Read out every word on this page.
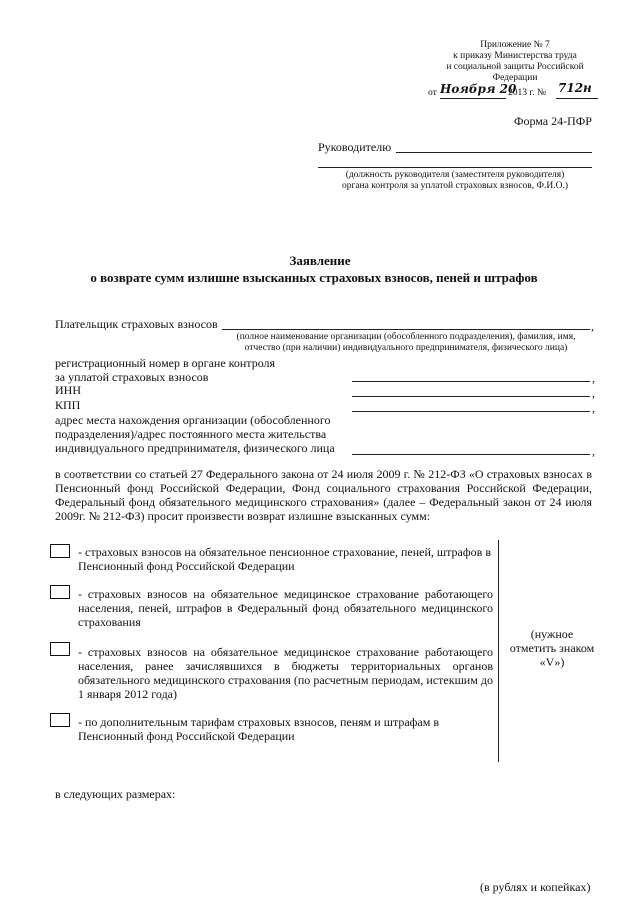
Приложение № 7
к приказу Министерства труда
и социальной защиты Российской
Федерации
от Ноября 20
2013 г. № 712н
Форма 24-ПФР
Руководителю
(должность руководителя (заместителя руководителя)
органа контроля за уплатой страховых взносов, Ф.И.О.)
Заявление
о возврате сумм излишне взысканных страховых взносов, пеней и штрафов
Плательщик страховых взносов	,
(полное наименование организации (обособленного подразделения), фамилия, имя,
отчество (при наличии) индивидуального предпринимателя, физического лица)
регистрационный номер в органе контроля
за уплатой страховых взносов	,
ИНН	,
КПП	,
адрес места нахождения организации (обособленного
подразделения)/адрес постоянного места жительства
индивидуального предпринимателя, физического лица	,
в соответствии со статьей 27 Федерального закона от 24 июля 2009 г. № 212-ФЗ «О страховых взносах в
Пенсионный фонд Российской Федерации, Фонд социального страхования Российской Федерации,
Федеральный фонд обязательного медицинского страхования» (далее – Федеральный закон от 24 июля
2009г. № 212-ФЗ) просит произвести возврат излишне взысканных сумм:
- страховых взносов на обязательное пенсионное страхование, пеней, штрафов в
Пенсионный фонд Российской Федерации
- страховых взносов на обязательное медицинское страхование работающего
населения, пеней, штрафов в Федеральный фонд обязательного медицинского
страхования
- страховых взносов на обязательное медицинское страхование работающего
населения, ранее зачислявшихся в бюджеты территориальных органов
обязательного медицинского страхования (по расчетным периодам, истекшим до
1 января 2012 года)
- по дополнительным тарифам страховых взносов, пеням и штрафам в
Пенсионный фонд Российской Федерации
(нужное
отметить знаком
«V»)
в следующих размерах:
(в рублях и копейках)
